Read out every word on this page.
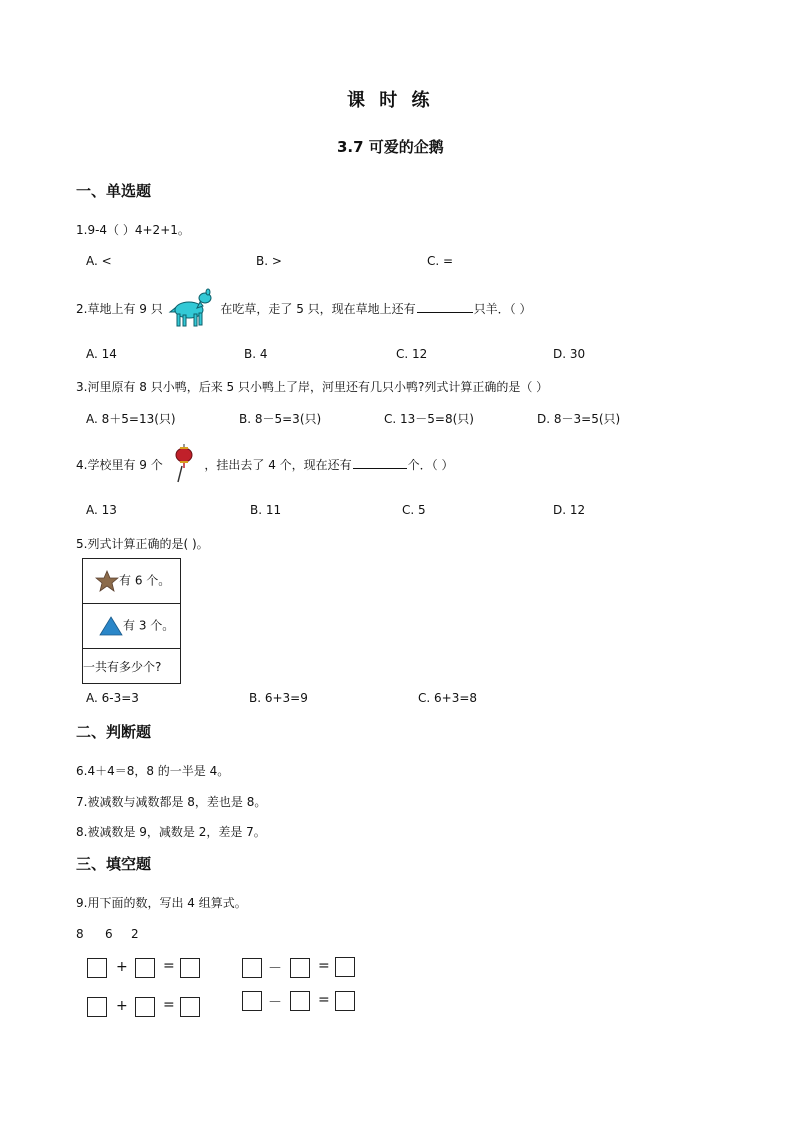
课 时 练
3.7 可爱的企鹅
一、单选题
1.9-4（ ）4+2+1。
A. <	B. >	C. =
2.草地上有 9 只	在吃草，走了 5 只，现在草地上还有	只羊．（ ）
A. 14	B. 4	C. 12	D. 30
3.河里原有 8 只小鸭，后来 5 只小鸭上了岸，河里还有几只小鸭?列式计算正确的是（ ）
A. 8＋5=13(只)	B. 8－5=3(只)	C. 13－5=8(只)	D. 8－3=5(只)
4.学校里有 9 个	，挂出去了 4 个，现在还有	个．（ ）
A. 13	B. 11	C. 5	D. 12
5.列式计算正确的是( )。
有 6 个。
有 3 个。
一共有多少个?
A. 6-3=3	B. 6+3=9	C. 6+3=8
二、判断题
6.4＋4＝8，8 的一半是 4。
7.被减数与减数都是 8，差也是 8。
8.被减数是 9，减数是 2，差是 7。
三、填空题
9.用下面的数，写出 4 组算式。
8 6 2
+	=	－	=
+	=	－	=
